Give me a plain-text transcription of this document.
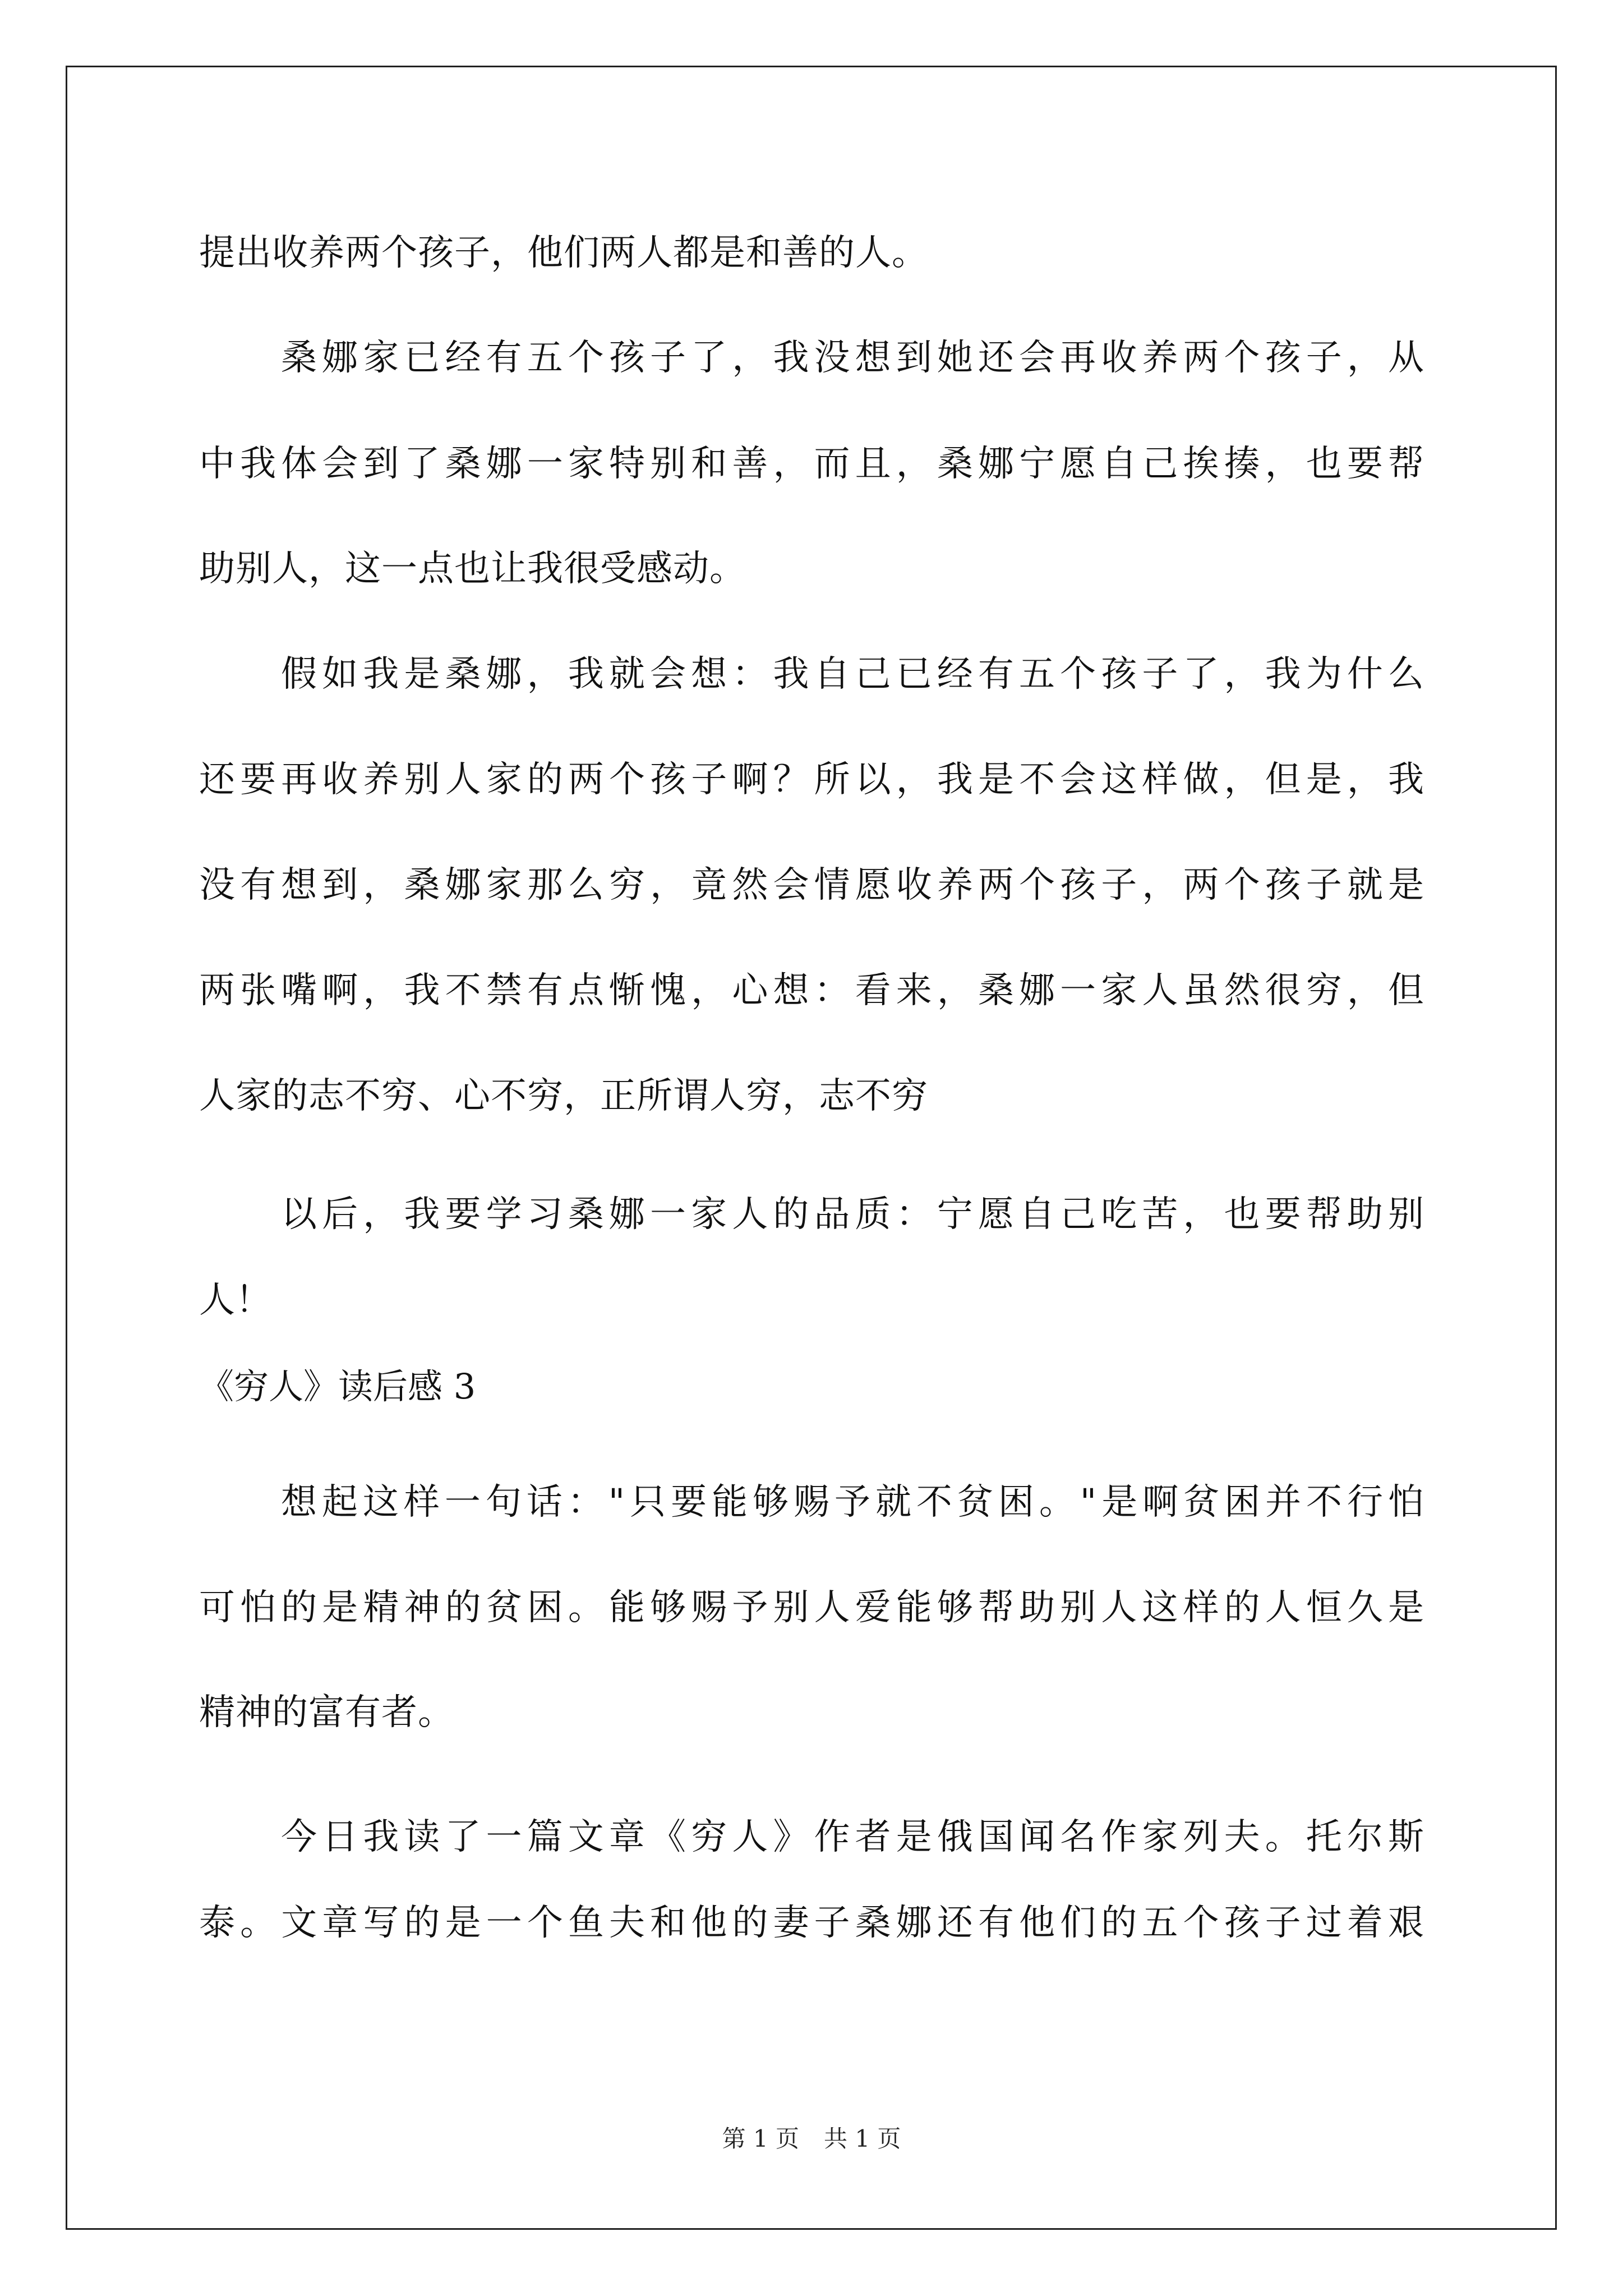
提出收养两个孩子，他们两人都是和善的人。
桑娜家已经有五个孩子了，我没想到她还会再收养两个孩子，从
中我体会到了桑娜一家特别和善，而且，桑娜宁愿自己挨揍，也要帮
助别人，这一点也让我很受感动。
假如我是桑娜，我就会想：我自己已经有五个孩子了，我为什么
还要再收养别人家的两个孩子啊？所以，我是不会这样做，但是，我
没有想到，桑娜家那么穷，竟然会情愿收养两个孩子，两个孩子就是
两张嘴啊，我不禁有点惭愧，心想：看来，桑娜一家人虽然很穷，但
人家的志不穷、心不穷，正所谓人穷，志不穷
以后，我要学习桑娜一家人的品质：宁愿自己吃苦，也要帮助别
人！
《穷人》读后感 3
想起这样一句话："只要能够赐予就不贫困。"是啊贫困并不行怕
可怕的是精神的贫困。能够赐予别人爱能够帮助别人这样的人恒久是
精神的富有者。
今日我读了一篇文章《穷人》作者是俄国闻名作家列夫。托尔斯
泰。文章写的是一个鱼夫和他的妻子桑娜还有他们的五个孩子过着艰
第 1 页 共 1 页
